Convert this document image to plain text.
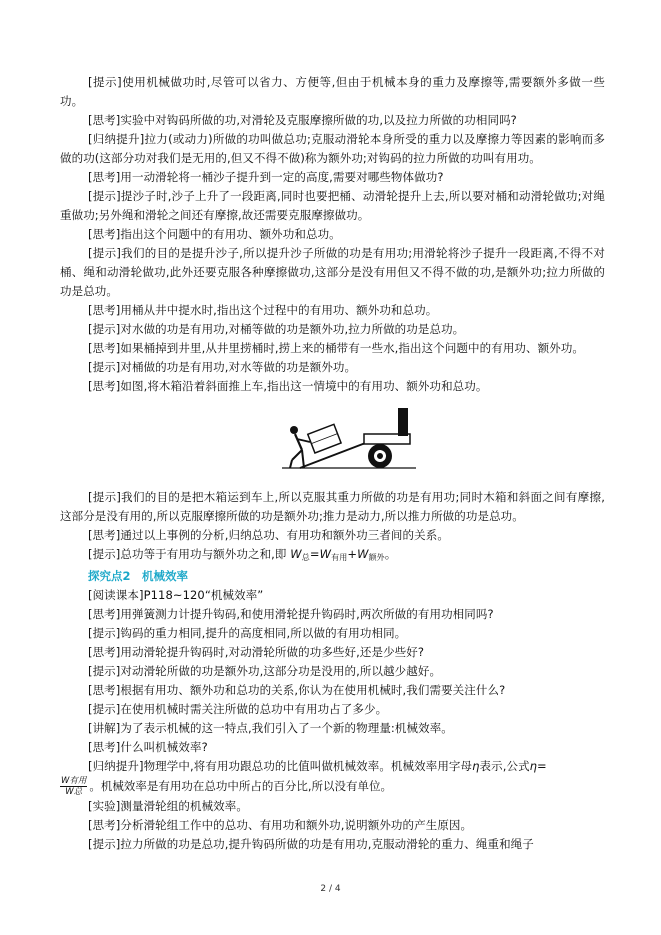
[提示]使用机械做功时,尽管可以省力、方便等,但由于机械本身的重力及摩擦等,需要额外多做一些功。

[思考]实验中对钩码所做的功,对滑轮及克服摩擦所做的功,以及拉力所做的功相同吗?

[归纳提升]拉力(或动力)所做的功叫做总功;克服动滑轮本身所受的重力以及摩擦力等因素的影响而多做的功(这部分功对我们是无用的,但又不得不做)称为额外功;对钩码的拉力所做的功叫有用功。

[思考]用一动滑轮将一桶沙子提升到一定的高度,需要对哪些物体做功?

[提示]提沙子时,沙子上升了一段距离,同时也要把桶、动滑轮提升上去,所以要对桶和动滑轮做功;对绳重做功;另外绳和滑轮之间还有摩擦,故还需要克服摩擦做功。

[思考]指出这个问题中的有用功、额外功和总功。

[提示]我们的目的是提升沙子,所以提升沙子所做的功是有用功;用滑轮将沙子提升一段距离,不得不对桶、绳和动滑轮做功,此外还要克服各种摩擦做功,这部分是没有用但又不得不做的功,是额外功;拉力所做的功是总功。

[思考]用桶从井中提水时,指出这个过程中的有用功、额外功和总功。

[提示]对水做的功是有用功,对桶等做的功是额外功,拉力所做的功是总功。

[思考]如果桶掉到井里,从井里捞桶时,捞上来的桶带有一些水,指出这个问题中的有用功、额外功。

[提示]对桶做的功是有用功,对水等做的功是额外功。

[思考]如图,将木箱沿着斜面推上车,指出这一情境中的有用功、额外功和总功。

[提示]我们的目的是把木箱运到车上,所以克服其重力所做的功是有用功;同时木箱和斜面之间有摩擦,这部分是没有用的,所以克服摩擦所做的功是额外功;推力是动力,所以推力所做的功是总功。

[思考]通过以上事例的分析,归纳总功、有用功和额外功三者间的关系。

[提示]总功等于有用功与额外功之和,即 $W_总=W_{有用}+W_{额外}$。

探究点2　机械效率

[阅读课本]P118~120“机械效率”

[思考]用弹簧测力计提升钩码,和使用滑轮提升钩码时,两次所做的有用功相同吗?

[提示]钩码的重力相同,提升的高度相同,所以做的有用功相同。

[思考]用动滑轮提升钩码时,对动滑轮所做的功多些好,还是少些好?

[提示]对动滑轮所做的功是额外功,这部分功是没用的,所以越少越好。

[思考]根据有用功、额外功和总功的关系,你认为在使用机械时,我们需要关注什么?

[提示]在使用机械时需关注所做的总功中有用功占了多少。

[讲解]为了表示机械的这一特点,我们引入了一个新的物理量:机械效率。

[思考]什么叫机械效率?

[归纳提升]物理学中,将有用功跟总功的比值叫做机械效率。机械效率用字母η表示,公式η=

$\frac{\text{W有用}}{\text{W总}}$ 。机械效率是有用功在总功中所占的百分比,所以没有单位。

[实验]测量滑轮组的机械效率。

[思考]分析滑轮组工作中的总功、有用功和额外功,说明额外功的产生原因。

[提示]拉力所做的功是总功,提升钩码所做的功是有用功,克服动滑轮的重力、绳重和绳子

2 / 4
